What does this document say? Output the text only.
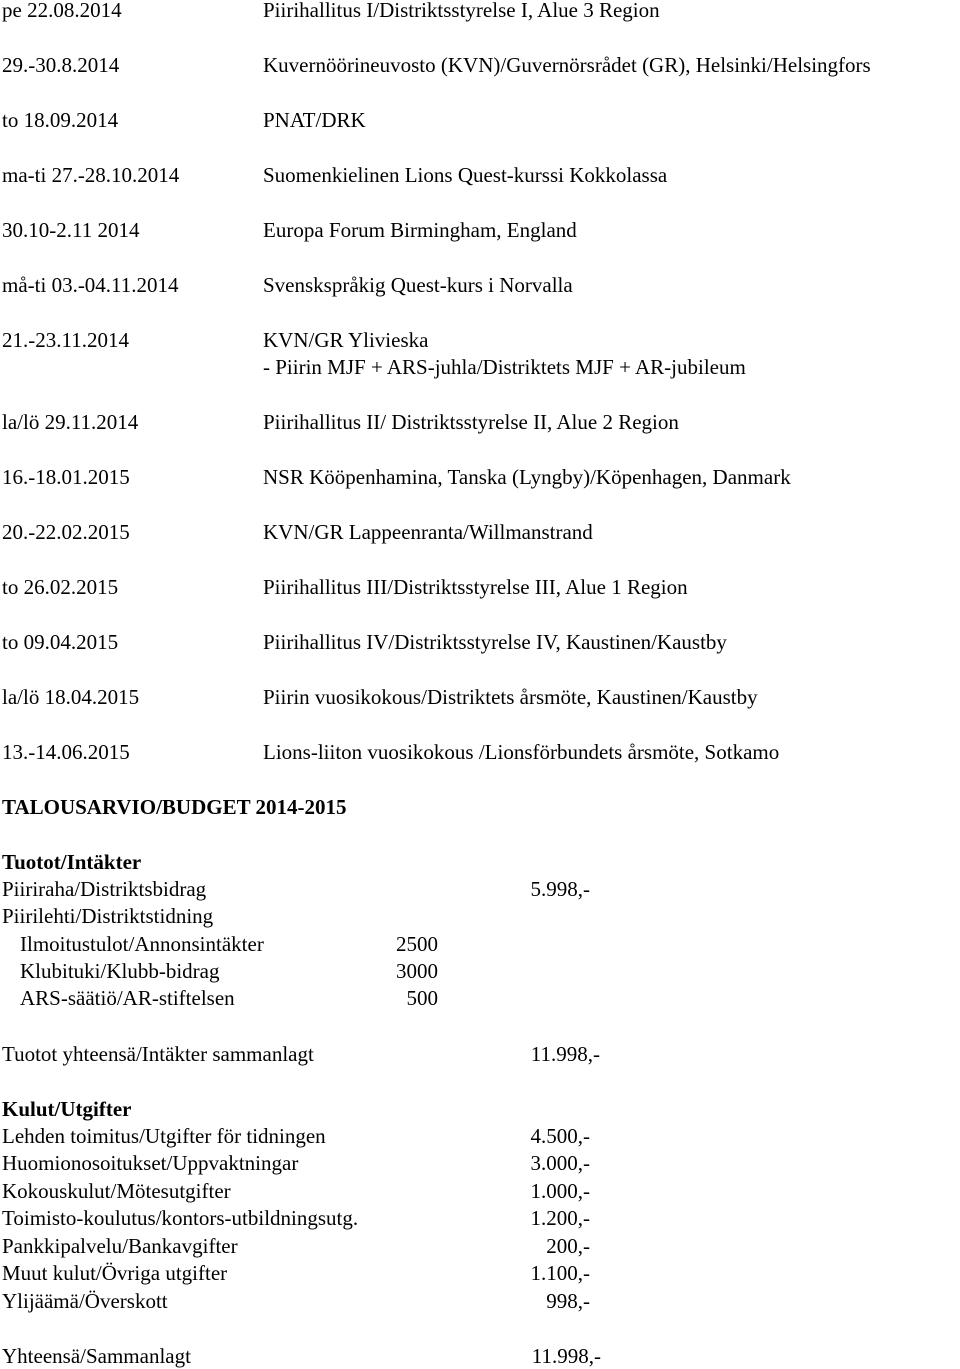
pe 22.08.2014	Piirihallitus I/Distriktsstyrelse I, Alue 3 Region
29.-30.8.2014	Kuvernöörineuvosto (KVN)/Guvernörsrådet (GR), Helsinki/Helsingfors
to 18.09.2014	PNAT/DRK
ma-ti 27.-28.10.2014	Suomenkielinen Lions Quest-kurssi Kokkolassa
30.10-2.11 2014	Europa Forum Birmingham, England
må-ti 03.-04.11.2014	Svenskspråkig Quest-kurs i Norvalla
21.-23.11.2014	KVN/GR Ylivieska
- Piirin MJF + ARS-juhla/Distriktets MJF + AR-jubileum
la/lö 29.11.2014	Piirihallitus II/ Distriktsstyrelse II, Alue 2 Region
16.-18.01.2015	NSR Kööpenhamina, Tanska (Lyngby)/Köpenhagen, Danmark
20.-22.02.2015	KVN/GR Lappeenranta/Willmanstrand
to 26.02.2015	Piirihallitus III/Distriktsstyrelse III, Alue 1 Region
to 09.04.2015	Piirihallitus IV/Distriktsstyrelse IV, Kaustinen/Kaustby
la/lö 18.04.2015	Piirin vuosikokous/Distriktets årsmöte, Kaustinen/Kaustby
13.-14.06.2015	Lions-liiton vuosikokous /Lionsförbundets årsmöte, Sotkamo
TALOUSARVIO/BUDGET 2014-2015
Tuotot/Intäkter
Piiriraha/Distriktsbidrag	5.998,-
Piirilehti/Distriktstidning
Ilmoitustulot/Annonsintäkter	2500
Klubituki/Klubb-bidrag	3000
ARS-säätiö/AR-stiftelsen	500
Tuotot yhteensä/Intäkter sammanlagt	11.998,-
Kulut/Utgifter
Lehden toimitus/Utgifter för tidningen	4.500,-
Huomionosoitukset/Uppvaktningar	3.000,-
Kokouskulut/Mötesutgifter	1.000,-
Toimisto-koulutus/kontors-utbildningsutg.	1.200,-
Pankkipalvelu/Bankavgifter	200,-
Muut kulut/Övriga utgifter	1.100,-
Ylijäämä/Överskott	998,-
Yhteensä/Sammanlagt	11.998,-
